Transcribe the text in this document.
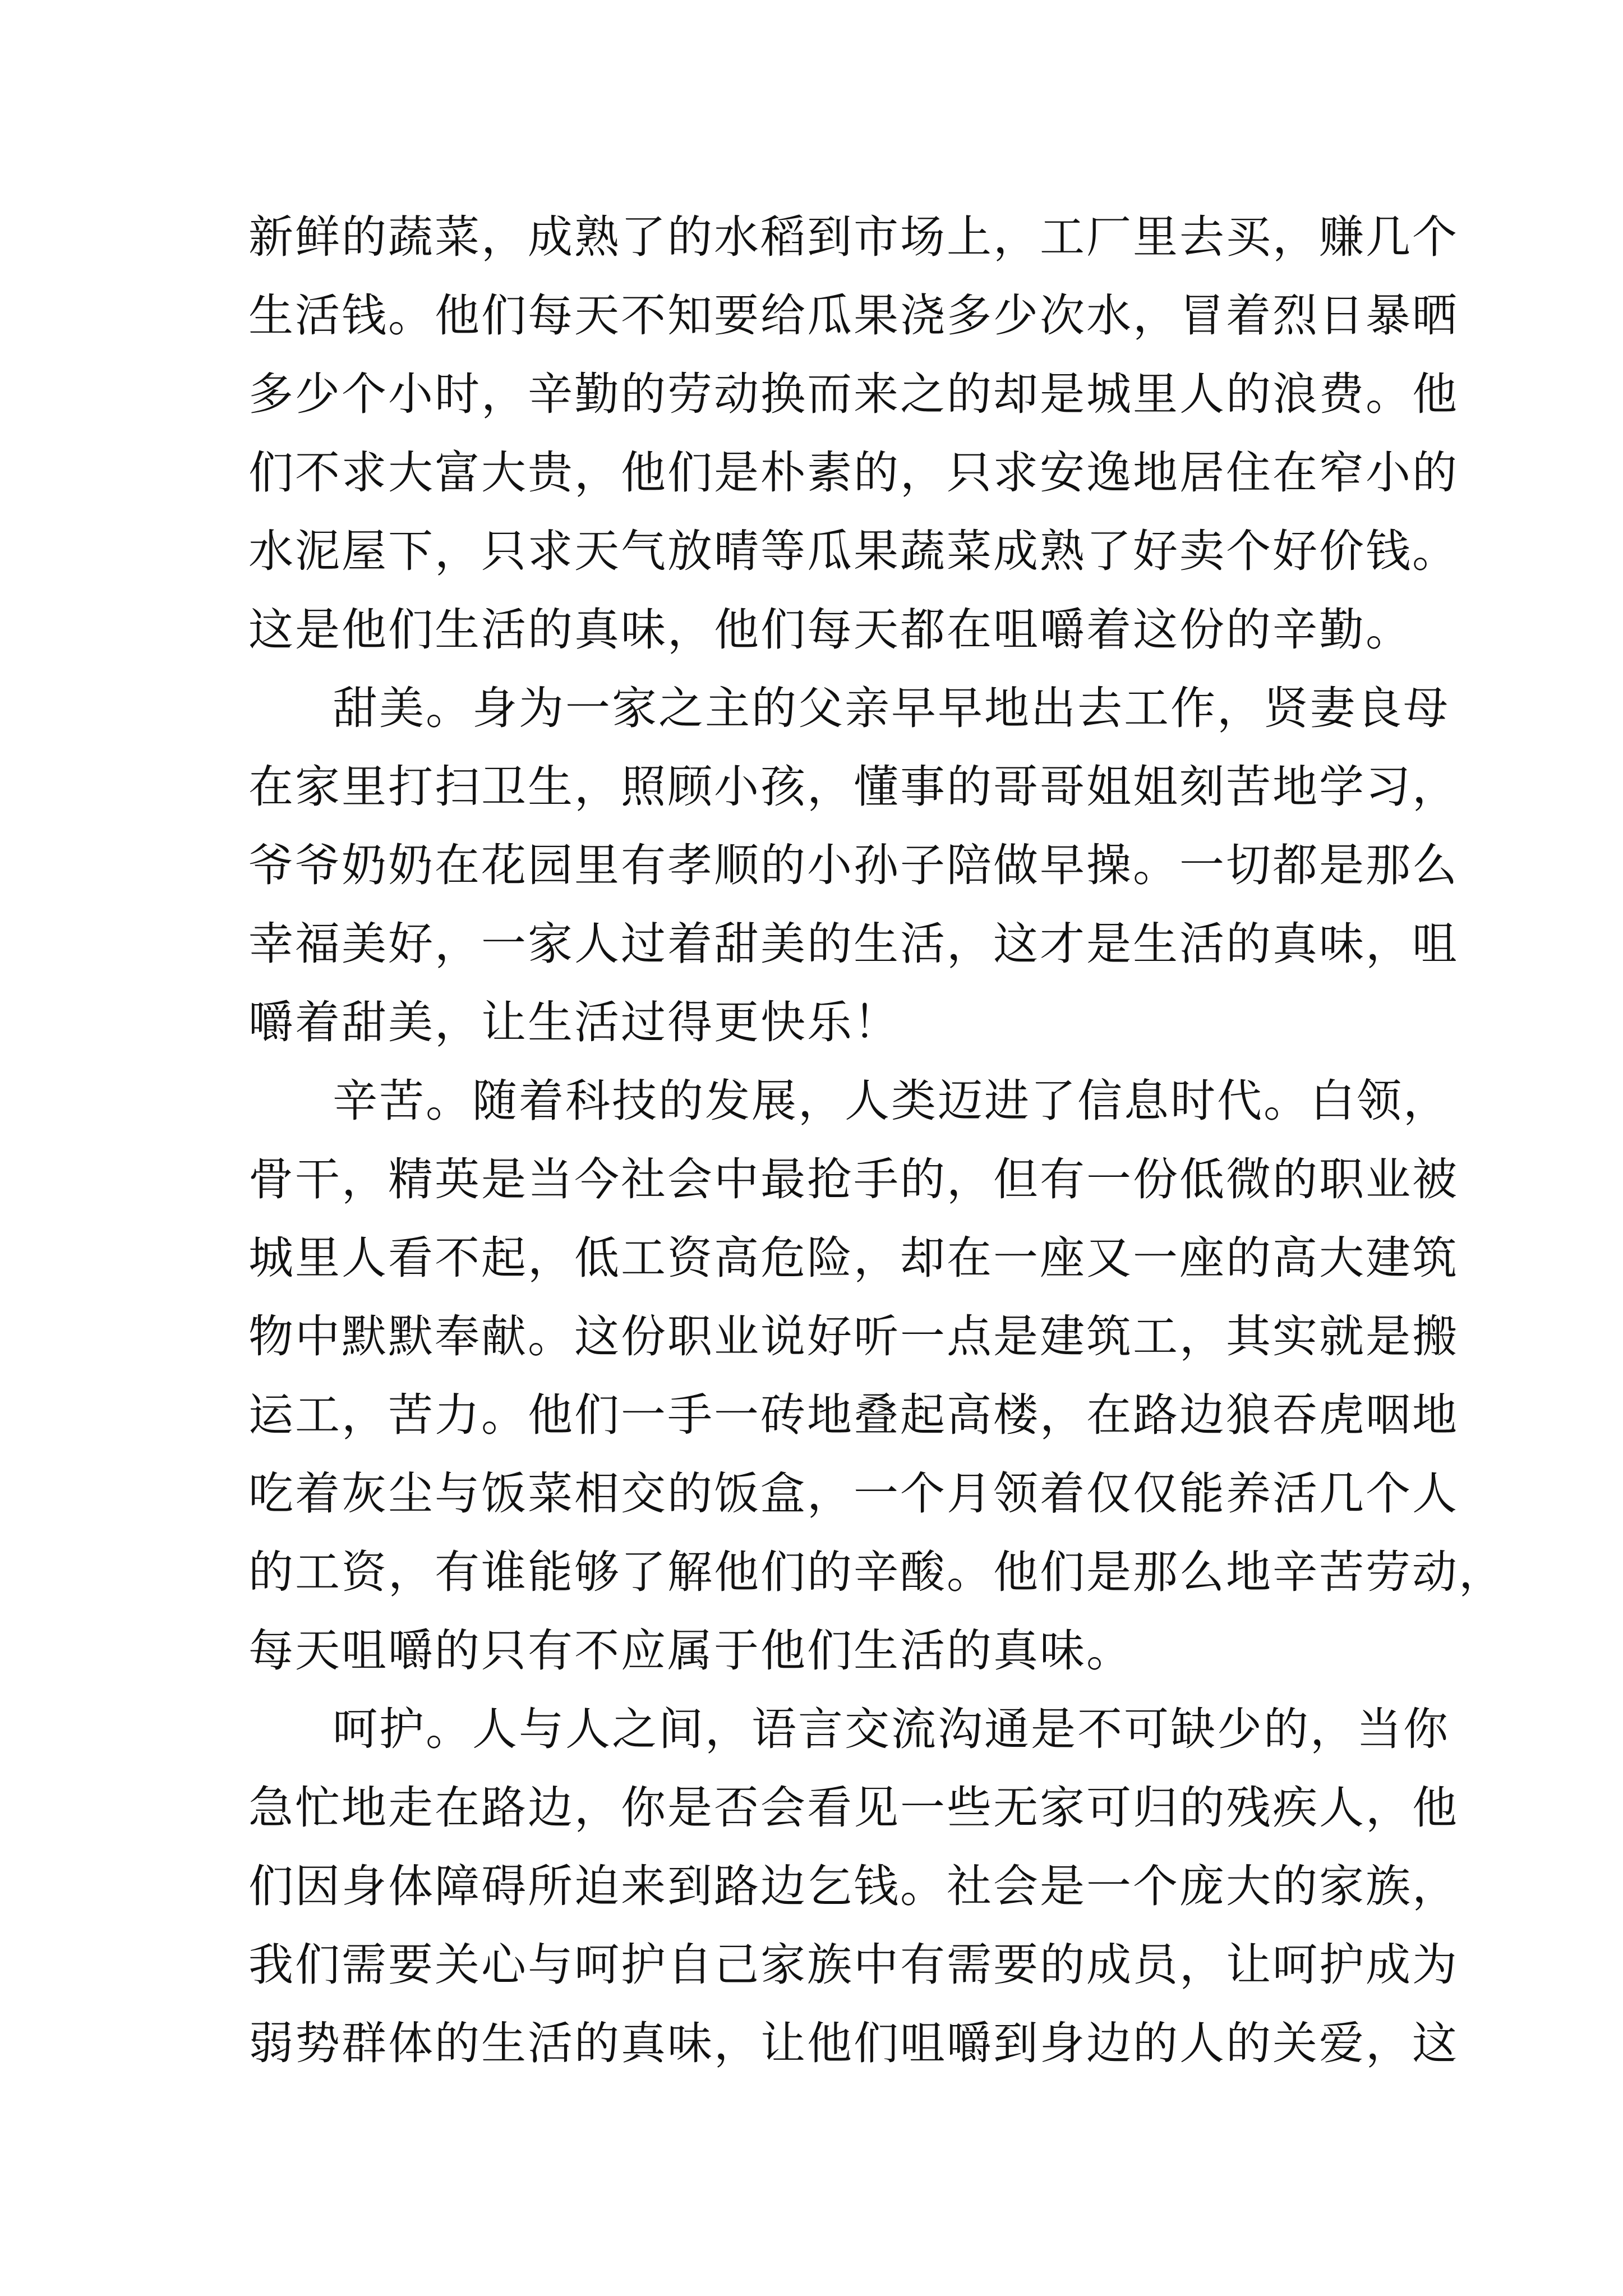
新鲜的蔬菜，成熟了的水稻到市场上，工厂里去买，赚几个
生活钱。他们每天不知要给瓜果浇多少次水，冒着烈日暴晒
多少个小时，辛勤的劳动换而来之的却是城里人的浪费。他
们不求大富大贵，他们是朴素的，只求安逸地居住在窄小的
水泥屋下，只求天气放晴等瓜果蔬菜成熟了好卖个好价钱。
这是他们生活的真味，他们每天都在咀嚼着这份的辛勤。
甜美。身为一家之主的父亲早早地出去工作，贤妻良母
在家里打扫卫生，照顾小孩，懂事的哥哥姐姐刻苦地学习，
爷爷奶奶在花园里有孝顺的小孙子陪做早操。一切都是那么
幸福美好，一家人过着甜美的生活，这才是生活的真味，咀
嚼着甜美，让生活过得更快乐！
辛苦。随着科技的发展，人类迈进了信息时代。白领，
骨干，精英是当今社会中最抢手的，但有一份低微的职业被
城里人看不起，低工资高危险，却在一座又一座的高大建筑
物中默默奉献。这份职业说好听一点是建筑工，其实就是搬
运工，苦力。他们一手一砖地叠起高楼，在路边狼吞虎咽地
吃着灰尘与饭菜相交的饭盒，一个月领着仅仅能养活几个人
的工资，有谁能够了解他们的辛酸。他们是那么地辛苦劳动，
每天咀嚼的只有不应属于他们生活的真味。
呵护。人与人之间，语言交流沟通是不可缺少的，当你
急忙地走在路边，你是否会看见一些无家可归的残疾人，他
们因身体障碍所迫来到路边乞钱。社会是一个庞大的家族，
我们需要关心与呵护自己家族中有需要的成员，让呵护成为
弱势群体的生活的真味，让他们咀嚼到身边的人的关爱，这
